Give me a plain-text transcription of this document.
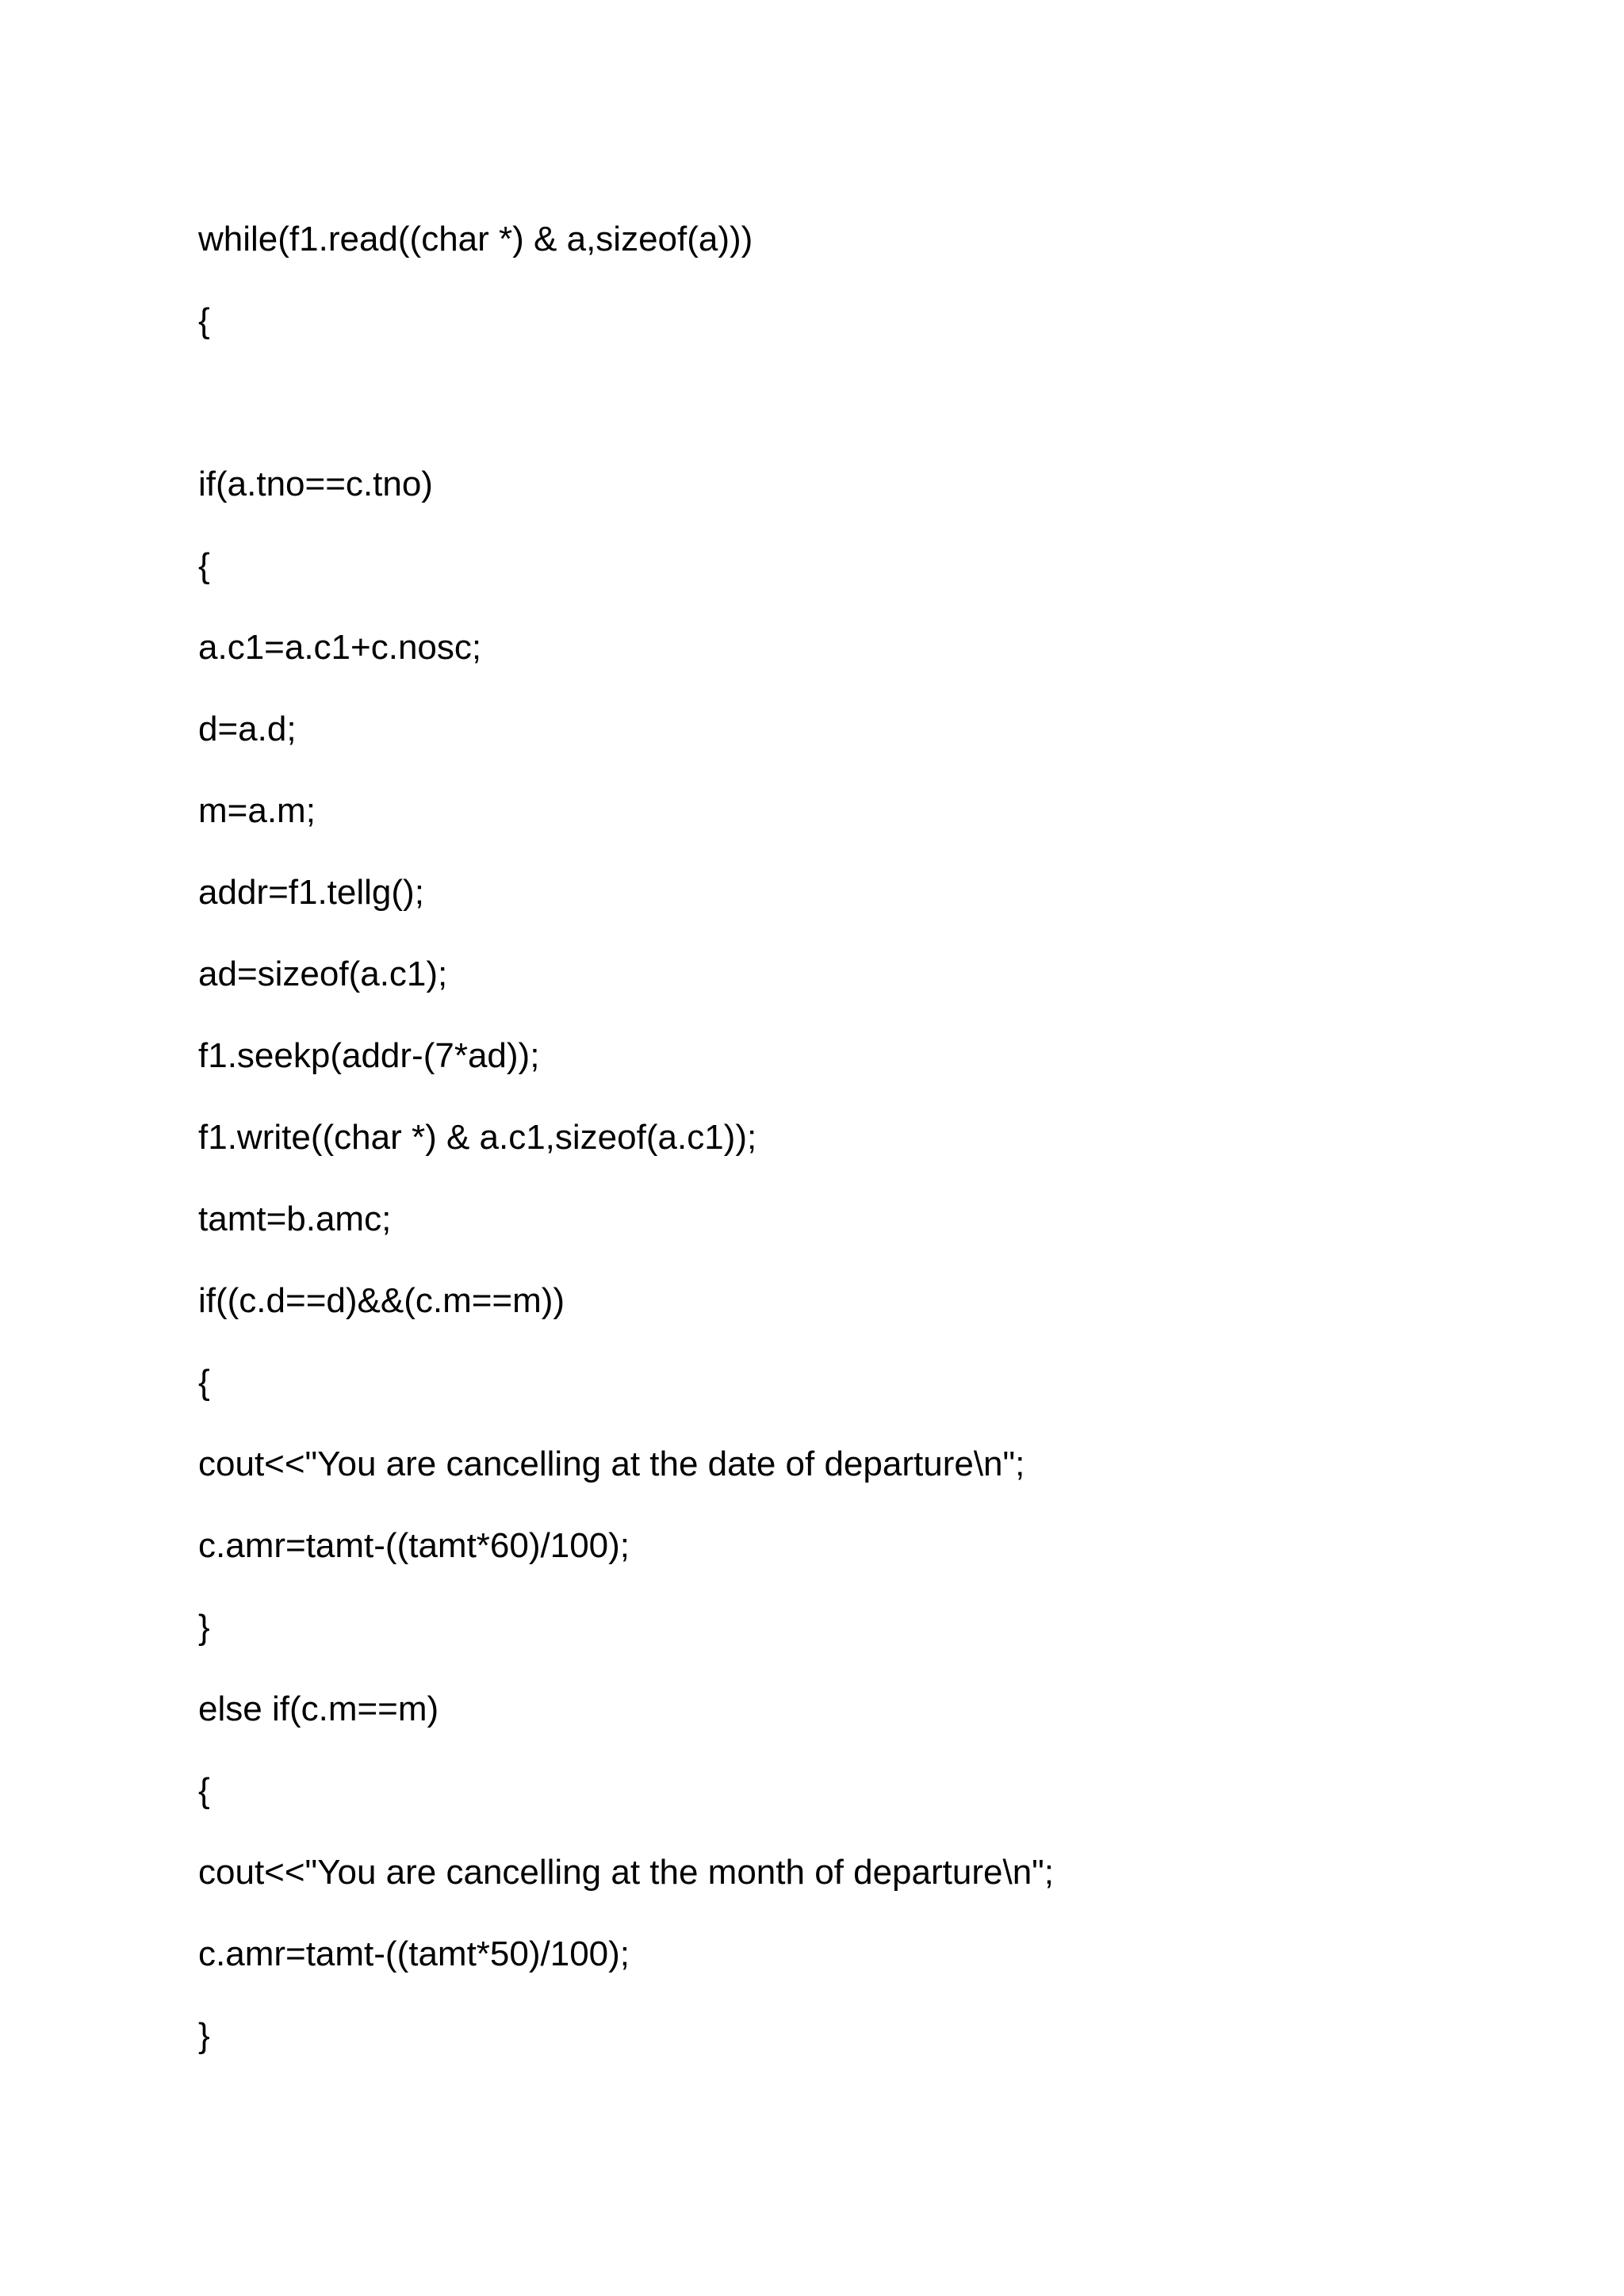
while(f1.read((char *) & a,sizeof(a)))
{
if(a.tno==c.tno)
{
a.c1=a.c1+c.nosc;
d=a.d;
m=a.m;
addr=f1.tellg();
ad=sizeof(a.c1);
f1.seekp(addr-(7*ad));
f1.write((char *) & a.c1,sizeof(a.c1));
tamt=b.amc;
if((c.d==d)&&(c.m==m))
{
cout<<"You are cancelling at the date of departure\n";
c.amr=tamt-((tamt*60)/100);
}
else if(c.m==m)
{
cout<<"You are cancelling at the month of departure\n";
c.amr=tamt-((tamt*50)/100);
}
